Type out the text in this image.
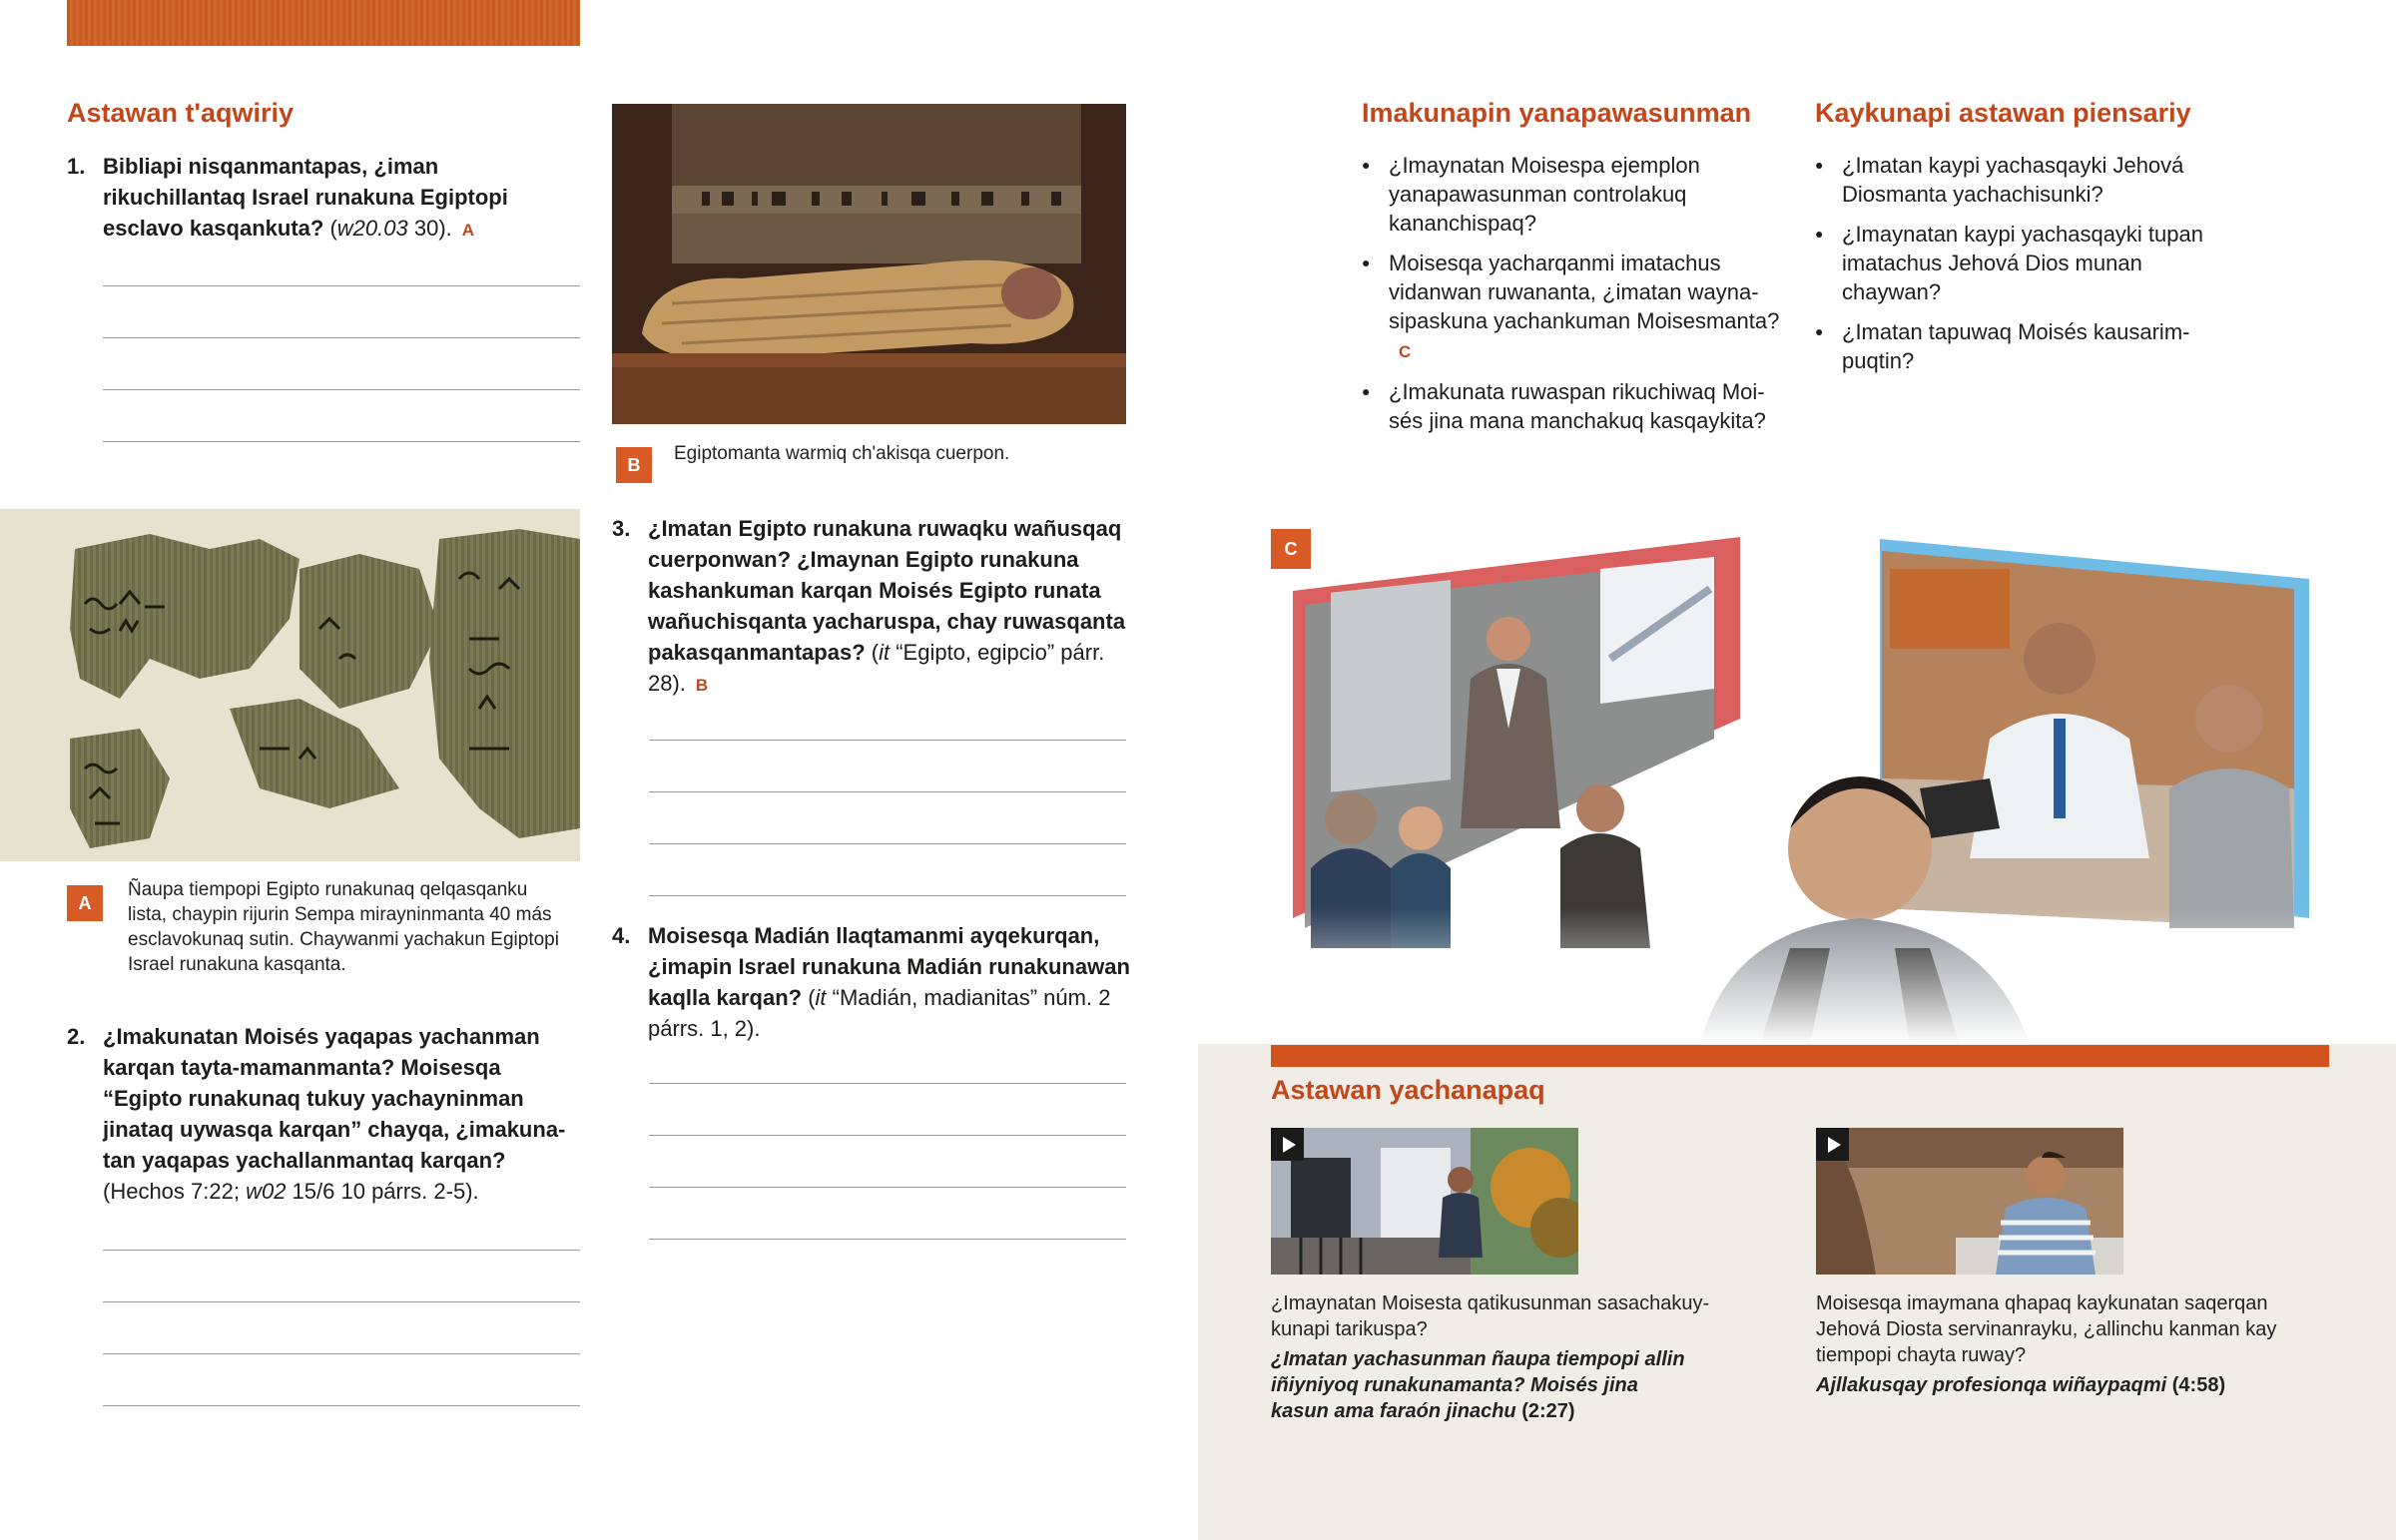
Astawan t'aqwiriy
1. Bibliapi nisqanmantapas, ¿iman rikuchillantaq Israel runakuna Egiptopi esclavo kasqankuta? (w20.03 30). A
A
Ñaupa tiempopi Egipto runakunaq qelqasqanku lista, chaypin rijurin Sempa mirayninmanta 40 más esclavokunaq sutin. Chaywanmi yachakun Egiptopi Israel runakuna kasqanta.
2. ¿Imakunatan Moisés yaqapas yachanman karqan tayta-mamanmanta? Moisesqa “Egipto runakunaq tukuy yachayninman jinataq uywasqa karqan” chayqa, ¿imakuna-tan yaqapas yachallanmantaq karqan? (Hechos 7:22; w02 15/6 10 párrs. 2-5).
B
Egiptomanta warmiq ch'akisqa cuerpon.
3. ¿Imatan Egipto runakuna ruwaqku wañusqaq cuerponwan? ¿Imaynan Egipto runakuna kashankuman karqan Moisés Egipto runata wañuchisqanta yacharuspa, chay ruwasqanta pakasqanmantapas? (it “Egipto, egipcio” párr. 28). B
4. Moisesqa Madián llaqtamanmi ayqekurqan, ¿imapin Israel runakuna Madián runakunawan kaqlla karqan? (it “Madián, madianitas” núm. 2 párrs. 1, 2).
Imakunapin yanapawasunman
● ¿Imaynatan Moisespa ejemplon yanapawasunman controlakuq kananchispaq?
● Moisesqa yacharqanmi imatachus vidanwan ruwananta, ¿imatan wayna-sipaskuna yachankuman Moisesmanta?C
● ¿Imakunata ruwaspan rikuchiwaq Moi-sés jina mana manchakuq kasqaykita?
Kaykunapi astawan piensariy
● ¿Imatan kaypi yachasqayki Jehová Diosmanta yachachisunki?
● ¿Imaynatan kaypi yachasqayki tupan imatachus Jehová Dios munan chaywan?
● ¿Imatan tapuwaq Moisés kausarim-puqtin?
C
Astawan yachanapaq
¿Imaynatan Moisesta qatikusunman sasachakuy-kunapi tarikuspa?
¿Imatan yachasunman ñaupa tiempopi allin iñiyniyoq runakunamanta? Moisés jina kasun ama faraón jinachu (2:27)
Moisesqa imaymana qhapaq kaykunatan saqerqan Jehová Diosta servinanrayku, ¿allinchu kanman kay tiempopi chayta ruway?
Ajllakusqay profesionqa wiñaypaqmi (4:58)
